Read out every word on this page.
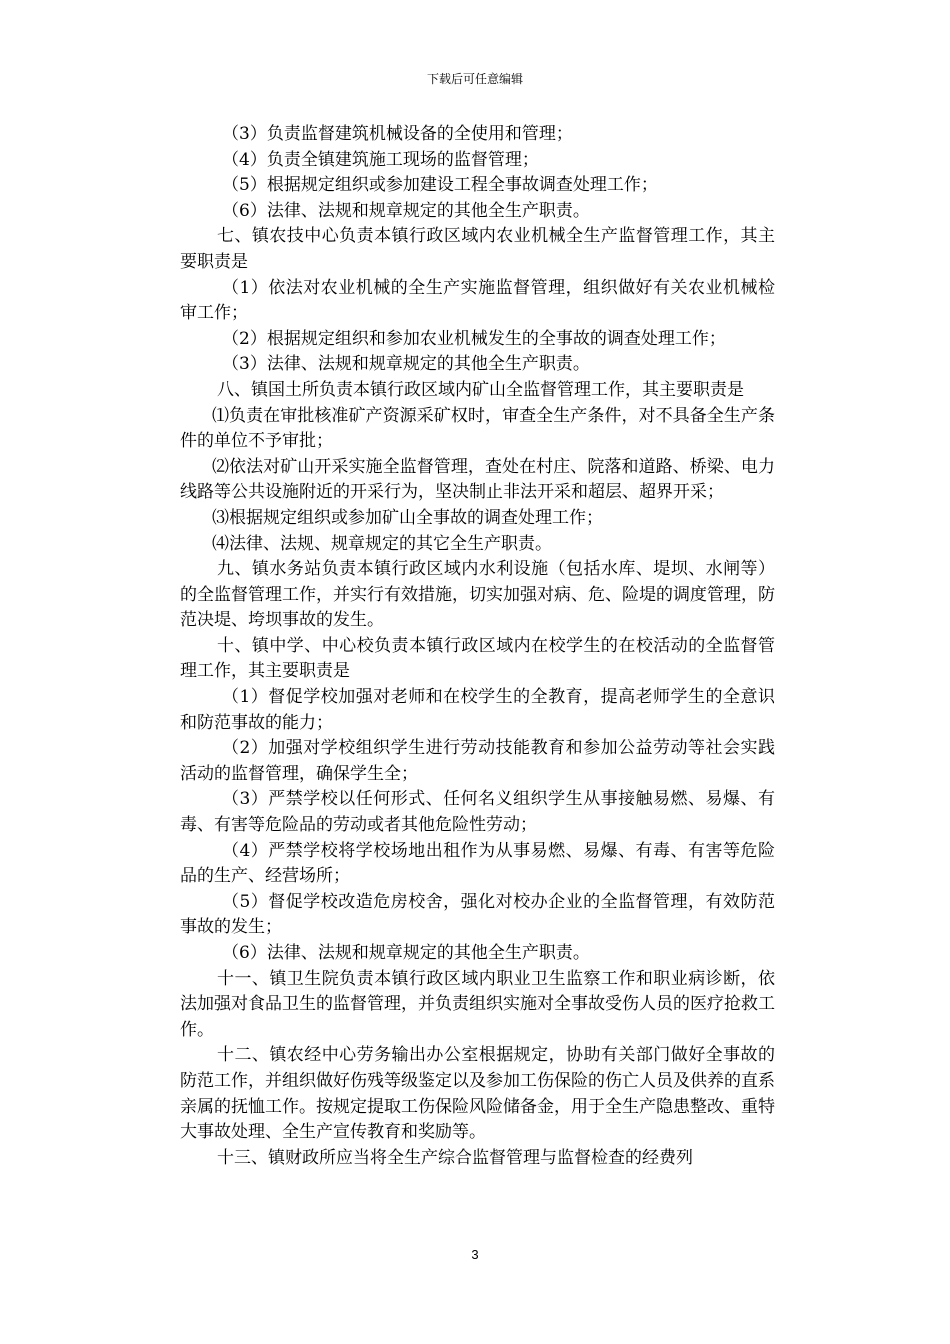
下载后可任意编辑

（3）负责监督建筑机械设备的全使用和管理；

（4）负责全镇建筑施工现场的监督管理；

（5）根据规定组织或参加建设工程全事故调查处理工作；

（6）法律、法规和规章规定的其他全生产职责。

七、镇农技中心负责本镇行政区域内农业机械全生产监督管理工作，其主要职责是

（1）依法对农业机械的全生产实施监督管理，组织做好有关农业机械检审工作；

（2）根据规定组织和参加农业机械发生的全事故的调查处理工作；

（3）法律、法规和规章规定的其他全生产职责。

八、镇国土所负责本镇行政区域内矿山全监督管理工作，其主要职责是

⑴负责在审批核准矿产资源采矿权时，审查全生产条件，对不具备全生产条件的单位不予审批；

⑵依法对矿山开采实施全监督管理，查处在村庄、院落和道路、桥梁、电力线路等公共设施附近的开采行为，坚决制止非法开采和超层、超界开采；

⑶根据规定组织或参加矿山全事故的调查处理工作；

⑷法律、法规、规章规定的其它全生产职责。

九、镇水务站负责本镇行政区域内水利设施（包括水库、堤坝、水闸等）的全监督管理工作，并实行有效措施，切实加强对病、危、险堤的调度管理，防范决堤、垮坝事故的发生。

十、镇中学、中心校负责本镇行政区域内在校学生的在校活动的全监督管理工作，其主要职责是

（1）督促学校加强对老师和在校学生的全教育，提高老师学生的全意识和防范事故的能力；

（2）加强对学校组织学生进行劳动技能教育和参加公益劳动等社会实践活动的监督管理，确保学生全；

（3）严禁学校以任何形式、任何名义组织学生从事接触易燃、易爆、有毒、有害等危险品的劳动或者其他危险性劳动；

（4）严禁学校将学校场地出租作为从事易燃、易爆、有毒、有害等危险品的生产、经营场所；

（5）督促学校改造危房校舍，强化对校办企业的全监督管理，有效防范事故的发生；

（6）法律、法规和规章规定的其他全生产职责。

十一、镇卫生院负责本镇行政区域内职业卫生监察工作和职业病诊断，依法加强对食品卫生的监督管理，并负责组织实施对全事故受伤人员的医疗抢救工作。

十二、镇农经中心劳务输出办公室根据规定，协助有关部门做好全事故的防范工作，并组织做好伤残等级鉴定以及参加工伤保险的伤亡人员及供养的直系亲属的抚恤工作。按规定提取工伤保险风险储备金，用于全生产隐患整改、重特大事故处理、全生产宣传教育和奖励等。

十三、镇财政所应当将全生产综合监督管理与监督检查的经费列

3
